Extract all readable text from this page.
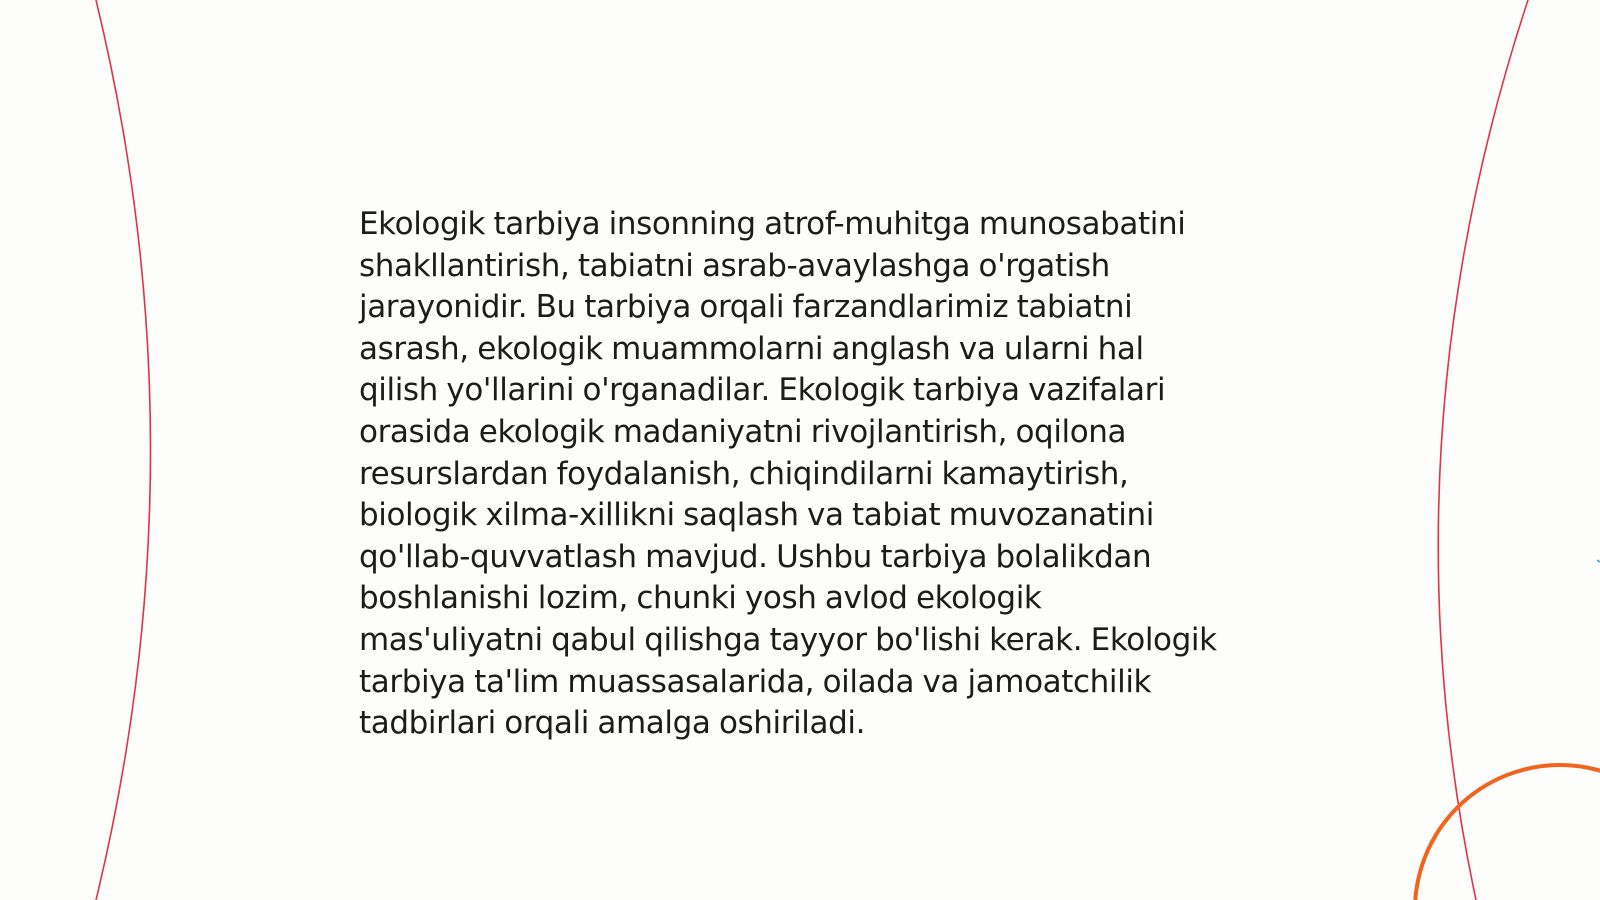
Ekologik tarbiya insonning atrof-muhitga munosabatini shakllantirish, tabiatni asrab-avaylashga o'rgatish jarayonidir. Bu tarbiya orqali farzandlarimiz tabiatni asrash, ekologik muammolarni anglash va ularni hal qilish yo'llarini o'rganadilar. Ekologik tarbiya vazifalari orasida ekologik madaniyatni rivojlantirish, oqilona resurslardan foydalanish, chiqindilarni kamaytirish, biologik xilma-xillikni saqlash va tabiat muvozanatini qo'llab-quvvatlash mavjud. Ushbu tarbiya bolalikdan boshlanishi lozim, chunki yosh avlod ekologik mas'uliyatni qabul qilishga tayyor bo'lishi kerak. Ekologik tarbiya ta'lim muassasalarida, oilada va jamoatchilik tadbirlari orqali amalga oshiriladi.
